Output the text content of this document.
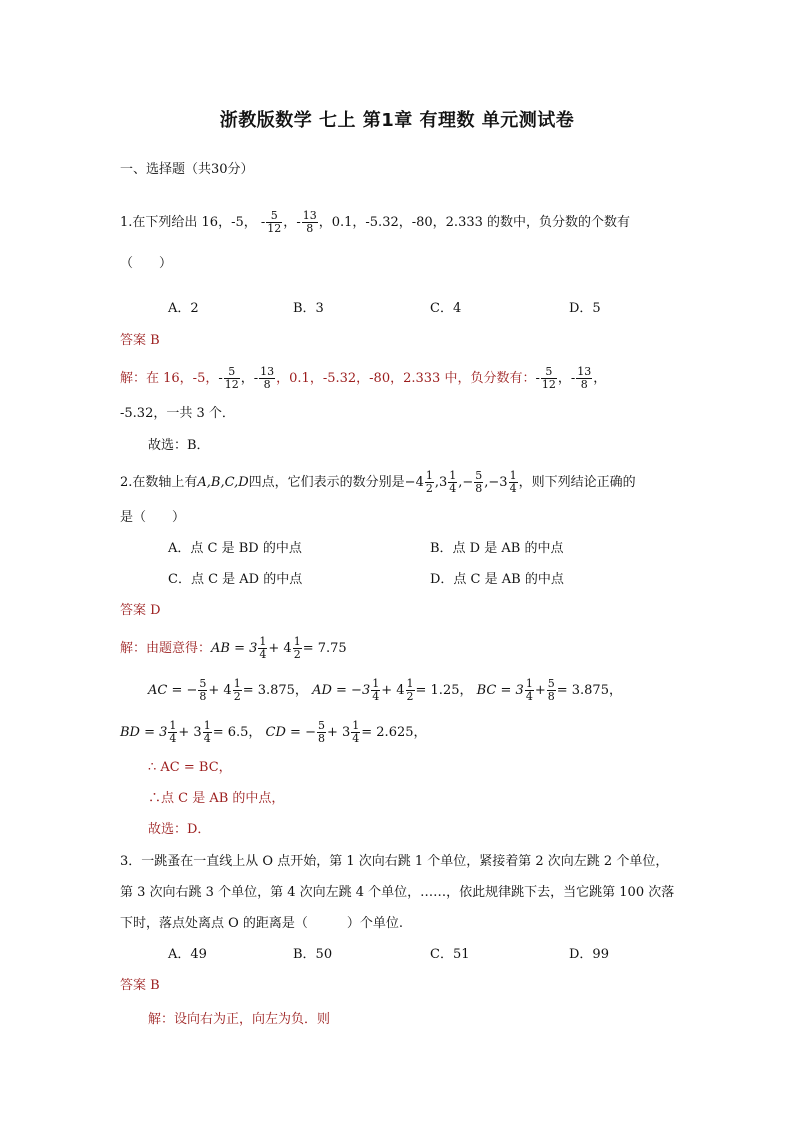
浙教版数学 七上 第1章 有理数 单元测试卷
一、选择题（共30分）
1.在下列给出 16，-5， - $\frac{5}{12}$ ，- $\frac{13}{8}$ ，0.1，-5.32，-80，2.333 的数中，负分数的个数有
（　　）
A．2	B．3	C．4	D．5
答案 B
解：在 16，-5，- $\frac{5}{12}$ ，- $\frac{13}{8}$ ，0.1，-5.32，-80，2.333 中，负分数有：- $\frac{5}{12}$ ，- $\frac{13}{8}$ ，
-5.32，一共 3 个．
故选：B．
2.在数轴上有A,B,C,D四点，它们表示的数分别是$-4 \frac{1}{2} ,3 \frac{1}{4}$ ,− $\frac{5}{8} ,-3 \frac{1}{4}$ ，则下列结论正确的
是（　　）
A．点 C 是 BD 的中点	B．点 D 是 AB 的中点
C．点 C 是 AD 的中点	D．点 C 是 AB 的中点
答案 D
解：由题意得：AB = $3 \frac{1}{4} + 4 \frac{1}{2} = 7.75$
AC = − $\frac{5}{8} + 4 \frac{1}{2} = 3.875$， AD = $-3 \frac{1}{4} + 4 \frac{1}{2} = 1.25$， BC = $3 \frac{1}{4} + \frac{5}{8} = 3.875$，
BD = $3 \frac{1}{4} + 3 \frac{1}{4} = 6.5$， CD = − $\frac{5}{8} + 3 \frac{1}{4} = 2.625$，
∴ AC = BC，
∴点 C 是 AB 的中点，
故选：D．
3．一跳蚤在一直线上从 O 点开始，第 1 次向右跳 1 个单位，紧接着第 2 次向左跳 2 个单位，
第 3 次向右跳 3 个单位，第 4 次向左跳 4 个单位，……，依此规律跳下去，当它跳第 100 次落
下时，落点处离点 O 的距离是（　　　）个单位.
A．49	B．50	C．51	D．99
答案 B
解：设向右为正，向左为负．则
